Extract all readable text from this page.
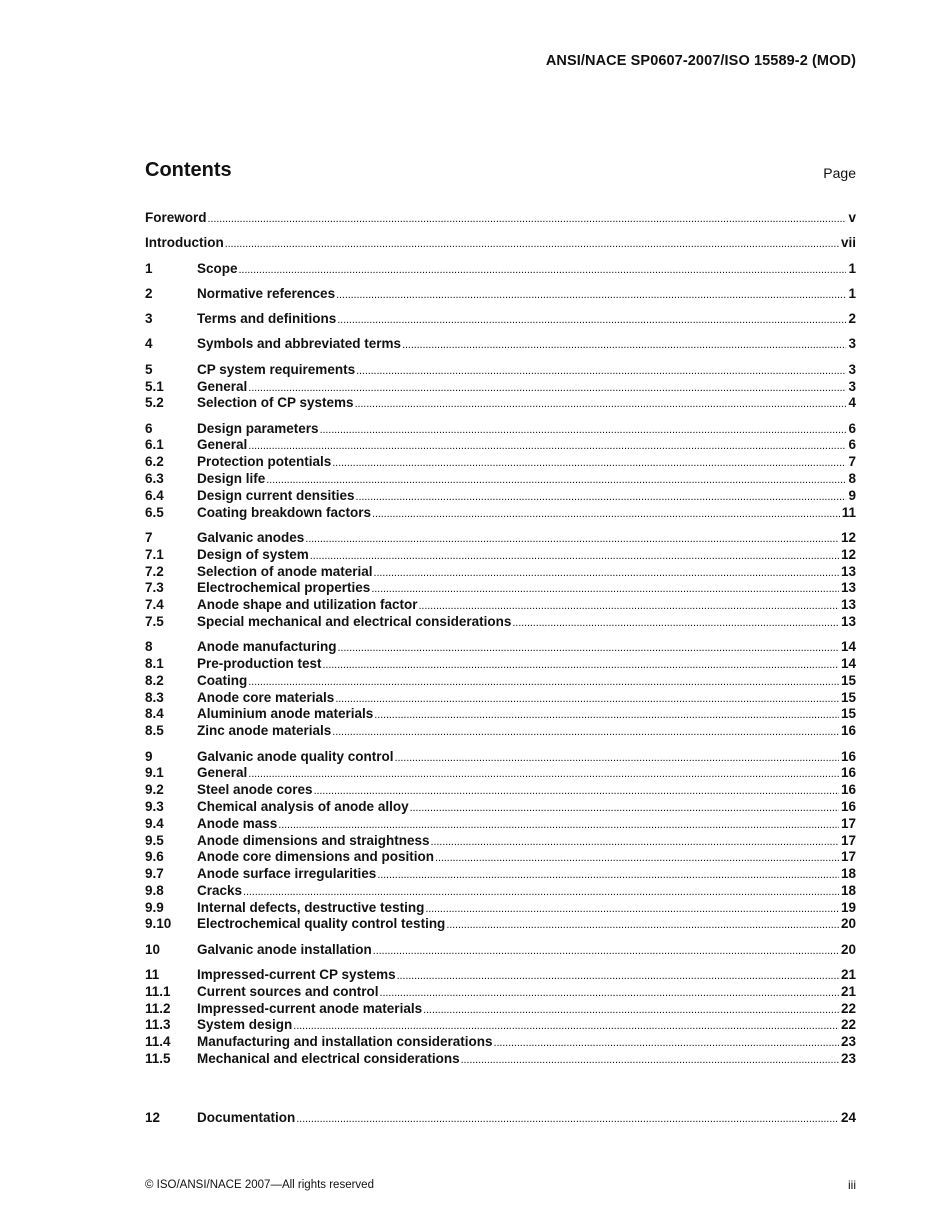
ANSI/NACE SP0607-2007/ISO 15589-2 (MOD)
Contents	Page
Foreword . . .	v
Introduction . . .	vii
1	Scope . . .	1
2	Normative references . . .	1
3	Terms and definitions . . .	2
4	Symbols and abbreviated terms . . .	3
5	CP system requirements . . .	3
5.1	General . . .	3
5.2	Selection of CP systems . . .	4
6	Design parameters . . .	6
6.1	General . . .	6
6.2	Protection potentials . . .	7
6.3	Design life . . .	8
6.4	Design current densities . . .	9
6.5	Coating breakdown factors . . .	11
7	Galvanic anodes . . .	12
7.1	Design of system . . .	12
7.2	Selection of anode material . . .	13
7.3	Electrochemical properties . . .	13
7.4	Anode shape and utilization factor . . .	13
7.5	Special mechanical and electrical considerations . . .	13
8	Anode manufacturing . . .	14
8.1	Pre-production test . . .	14
8.2	Coating . . .	15
8.3	Anode core materials . . .	15
8.4	Aluminium anode materials . . .	15
8.5	Zinc anode materials . . .	16
9	Galvanic anode quality control . . .	16
9.1	General . . .	16
9.2	Steel anode cores . . .	16
9.3	Chemical analysis of anode alloy . . .	16
9.4	Anode mass . . .	17
9.5	Anode dimensions and straightness . . .	17
9.6	Anode core dimensions and position . . .	17
9.7	Anode surface irregularities . . .	18
9.8	Cracks . . .	18
9.9	Internal defects, destructive testing . . .	19
9.10	Electrochemical quality control testing . . .	20
10	Galvanic anode installation . . .	20
11	Impressed-current CP systems . . .	21
11.1	Current sources and control . . .	21
11.2	Impressed-current anode materials . . .	22
11.3	System design . . .	22
11.4	Manufacturing and installation considerations . . .	23
11.5	Mechanical and electrical considerations . . .	23
12	Documentation . . .	24
© ISO/ANSI/NACE 2007—All rights reserved	iii
